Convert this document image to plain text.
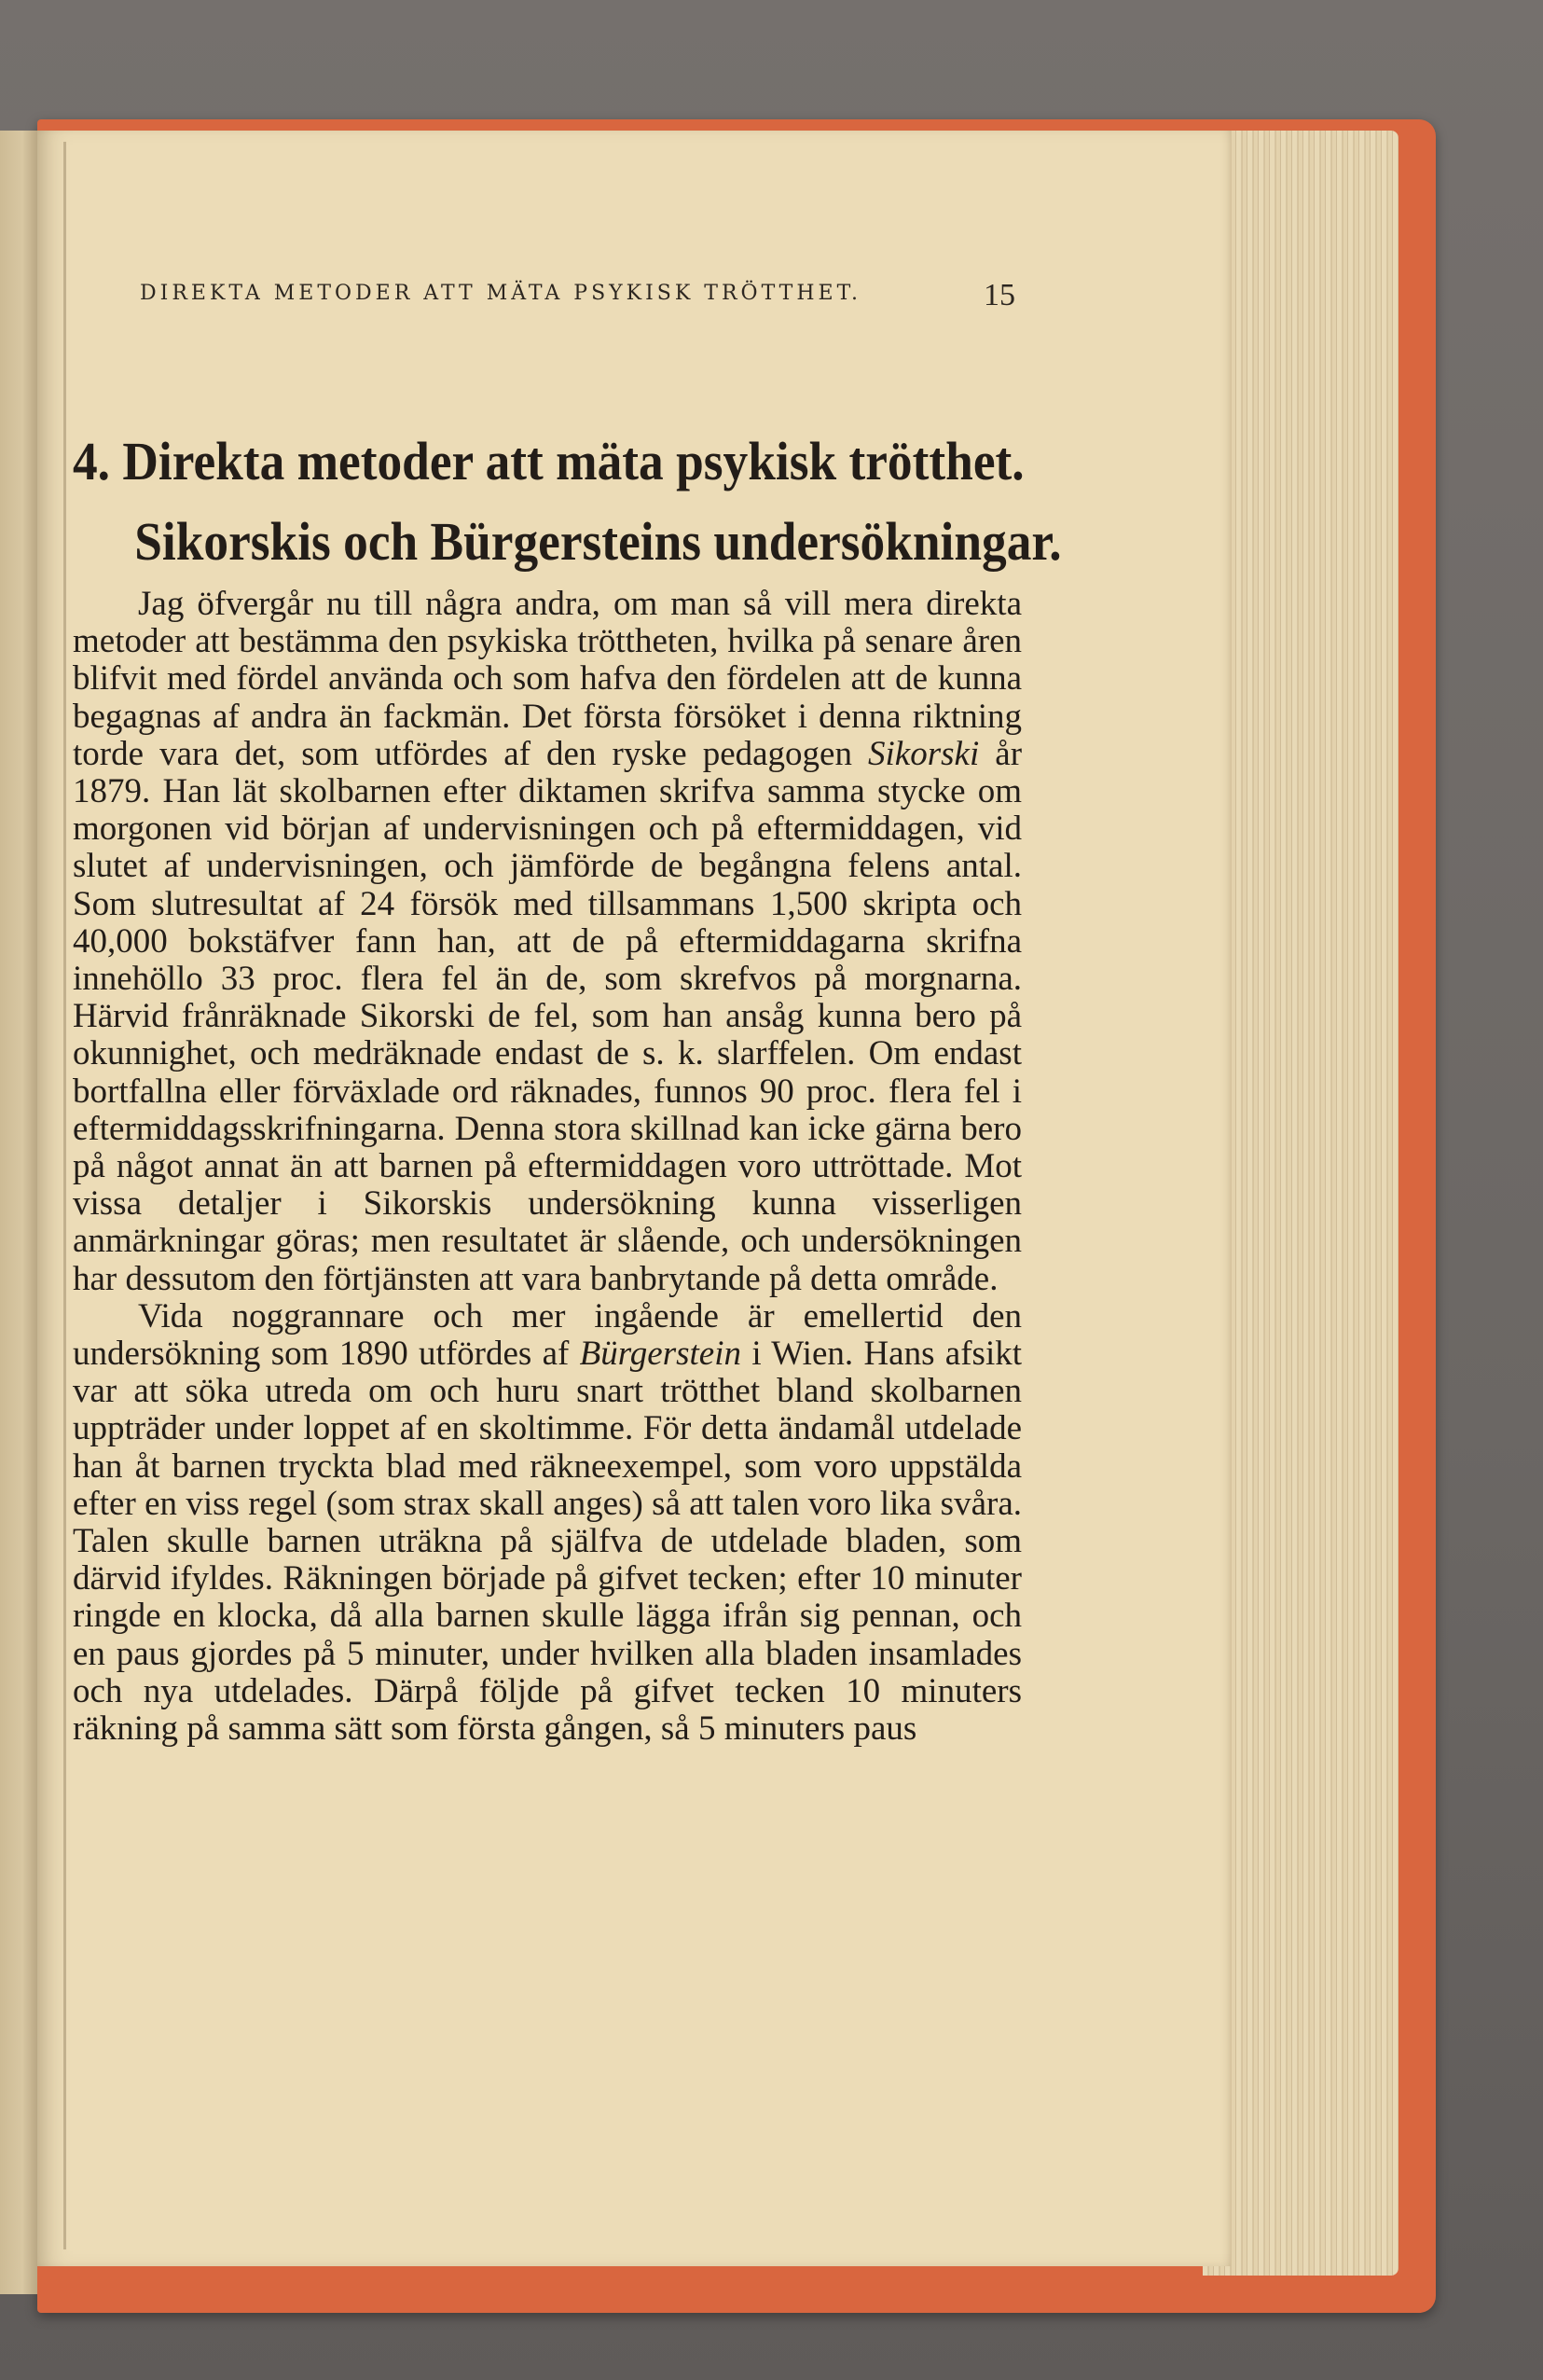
DIREKTA METODER ATT MÄTA PSYKISK TRÖTTHET.	15
4. Direkta metoder att mäta psykisk trötthet.
Sikorskis och Bürgersteins undersökningar.

Jag öfvergår nu till några andra, om man så vill mera direkta metoder att bestämma den psykiska tröttheten, hvilka på senare åren blifvit med fördel använda och som hafva den fördelen att de kunna begagnas af andra än fackmän. Det första försöket i denna riktning torde vara det, som utfördes af den ryske pedagogen Sikorski år 1879. Han lät skolbarnen efter diktamen skrifva samma stycke om morgonen vid början af undervisningen och på eftermiddagen, vid slutet af undervisningen, och jämförde de begångna felens antal. Som slutresultat af 24 försök med tillsammans 1,500 skripta och 40,000 bokstäfver fann han, att de på eftermiddagarna skrifna innehöllo 33 proc. flera fel än de, som skrefvos på morgnarna. Härvid frånräknade Sikorski de fel, som han ansåg kunna bero på okunnighet, och medräknade endast de s. k. slarffelen. Om endast bortfallna eller förväxlade ord räknades, funnos 90 proc. flera fel i eftermiddagsskrifningarna. Denna stora skillnad kan icke gärna bero på något annat än att barnen på eftermiddagen voro uttröttade. Mot vissa detaljer i Sikorskis undersökning kunna visserligen anmärkningar göras; men resultatet är slående, och undersökningen har dessutom den förtjänsten att vara banbrytande på detta område.

Vida noggrannare och mer ingående är emellertid den undersökning som 1890 utfördes af Bürgerstein i Wien. Hans afsikt var att söka utreda om och huru snart trötthet bland skolbarnen uppträder under loppet af en skoltimme. För detta ändamål utdelade han åt barnen tryckta blad med räkneexempel, som voro uppstälda efter en viss regel (som strax skall anges) så att talen voro lika svåra. Talen skulle barnen uträkna på själfva de utdelade bladen, som därvid ifyldes. Räkningen började på gifvet tecken; efter 10 minuter ringde en klocka, då alla barnen skulle lägga ifrån sig pennan, och en paus gjordes på 5 minuter, under hvilken alla bladen insamlades och nya utdelades. Därpå följde på gifvet tecken 10 minuters räkning på samma sätt som första gången, så 5 minuters paus
